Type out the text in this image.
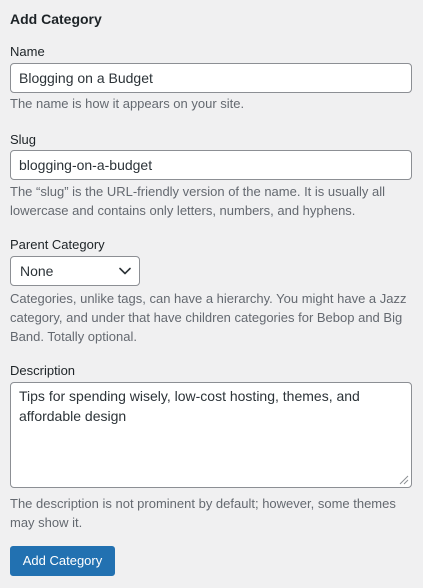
Add Category
Name
Blogging on a Budget

The name is how it appears on your site.

Slug
blogging-on-a-budget

The “slug” is the URL-friendly version of the name. It is usually all lowercase and contains only letters, numbers, and hyphens.

Parent Category
None

Categories, unlike tags, can have a hierarchy. You might have a Jazz category, and under that have children categories for Bebop and Big Band. Totally optional.

Description
Tips for spending wisely, low-cost hosting, themes, and affordable design

The description is not prominent by default; however, some themes may show it.

Add Category
